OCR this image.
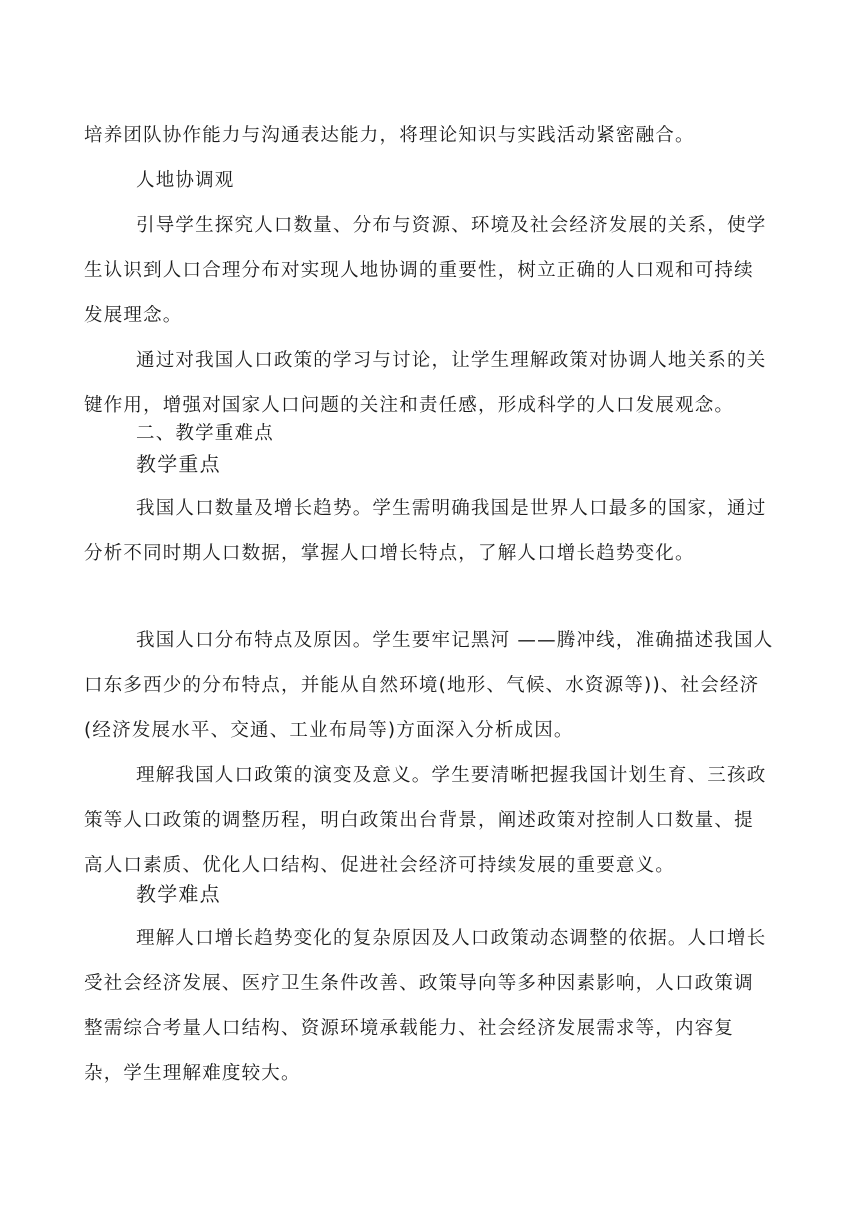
培养团队协作能力与沟通表达能力，将理论知识与实践活动紧密融合。
人地协调观
引导学生探究人口数量、分布与资源、环境及社会经济发展的关系，使学
生认识到人口合理分布对实现人地协调的重要性，树立正确的人口观和可持续
发展理念。
通过对我国人口政策的学习与讨论，让学生理解政策对协调人地关系的关
键作用，增强对国家人口问题的关注和责任感，形成科学的人口发展观念。
二、教学重难点
教学重点
我国人口数量及增长趋势。学生需明确我国是世界人口最多的国家，通过
分析不同时期人口数据，掌握人口增长特点，了解人口增长趋势变化。
我国人口分布特点及原因。学生要牢记黑河 ——腾冲线，准确描述我国人
口东多西少的分布特点，并能从自然环境(地形、气候、水资源等))、社会经济
(经济发展水平、交通、工业布局等)方面深入分析成因。
理解我国人口政策的演变及意义。学生要清晰把握我国计划生育、三孩政
策等人口政策的调整历程，明白政策出台背景，阐述政策对控制人口数量、提
高人口素质、优化人口结构、促进社会经济可持续发展的重要意义。
教学难点
理解人口增长趋势变化的复杂原因及人口政策动态调整的依据。人口增长
受社会经济发展、医疗卫生条件改善、政策导向等多种因素影响，人口政策调
整需综合考量人口结构、资源环境承载能力、社会经济发展需求等，内容复
杂，学生理解难度较大。
